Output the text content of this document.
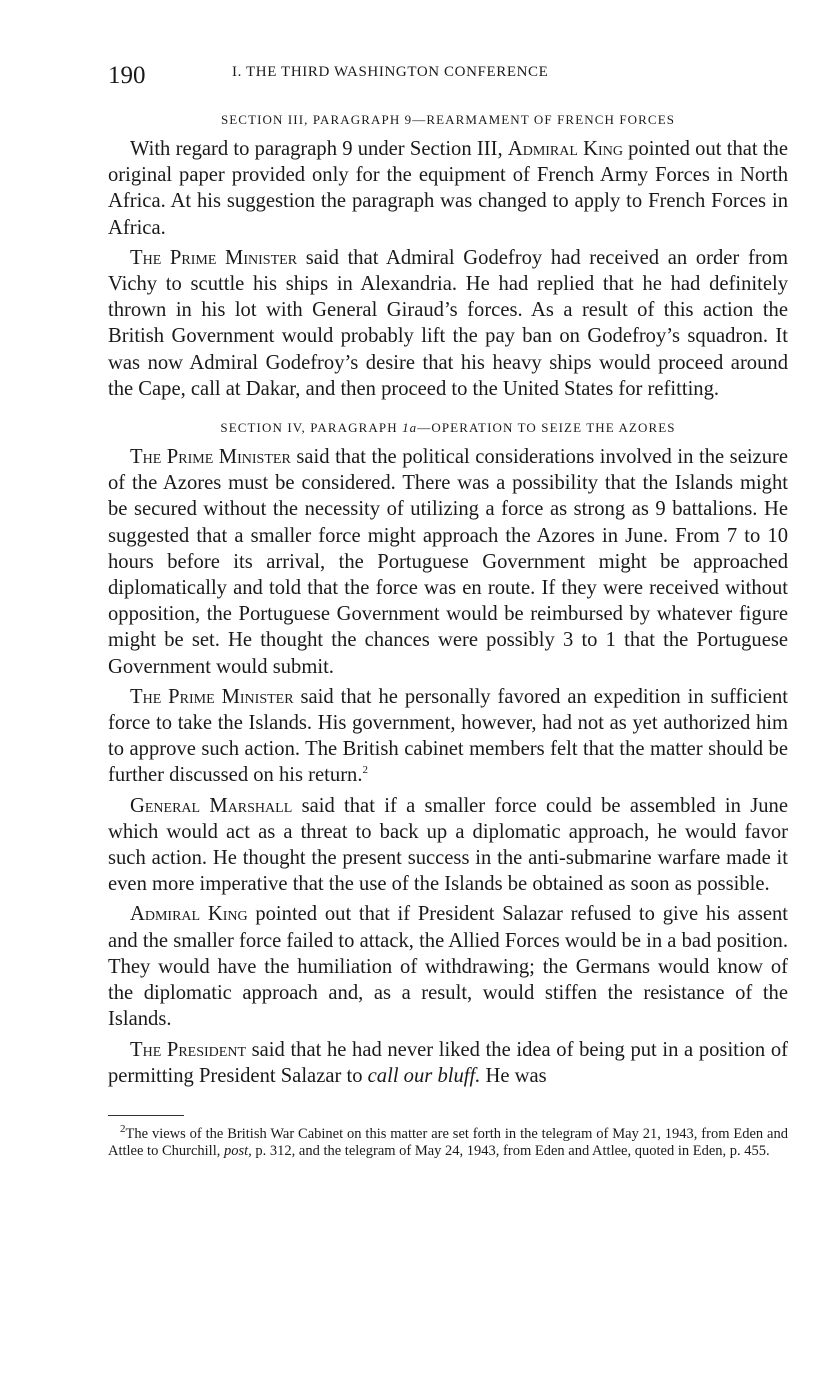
190	I. THE THIRD WASHINGTON CONFERENCE
SECTION III, PARAGRAPH 9—REARMAMENT OF FRENCH FORCES

With regard to paragraph 9 under Section III, Admiral King pointed out that the original paper provided only for the equipment of French Army Forces in North Africa. At his suggestion the paragraph was changed to apply to French Forces in Africa.

The Prime Minister said that Admiral Godefroy had received an order from Vichy to scuttle his ships in Alexandria. He had replied that he had definitely thrown in his lot with General Giraud’s forces. As a result of this action the British Government would probably lift the pay ban on Godefroy’s squadron. It was now Admiral Godefroy’s desire that his heavy ships would proceed around the Cape, call at Dakar, and then proceed to the United States for refitting.

SECTION IV, PARAGRAPH 1a—OPERATION TO SEIZE THE AZORES

The Prime Minister said that the political considerations involved in the seizure of the Azores must be considered. There was a possibility that the Islands might be secured without the necessity of utilizing a force as strong as 9 battalions. He suggested that a smaller force might approach the Azores in June. From 7 to 10 hours before its arrival, the Portuguese Government might be approached diplomatically and told that the force was en route. If they were received without opposition, the Portuguese Government would be reimbursed by whatever figure might be set. He thought the chances were possibly 3 to 1 that the Portuguese Government would submit.

The Prime Minister said that he personally favored an expedition in sufficient force to take the Islands. His government, however, had not as yet authorized him to approve such action. The British cabinet members felt that the matter should be further discussed on his return.$^2$

General Marshall said that if a smaller force could be assembled in June which would act as a threat to back up a diplomatic approach, he would favor such action. He thought the present success in the anti-submarine warfare made it even more imperative that the use of the Islands be obtained as soon as possible.

Admiral King pointed out that if President Salazar refused to give his assent and the smaller force failed to attack, the Allied Forces would be in a bad position. They would have the humiliation of withdrawing; the Germans would know of the diplomatic approach and, as a result, would stiffen the resistance of the Islands.

The President said that he had never liked the idea of being put in a position of permitting President Salazar to call our bluff. He was

$^2$The views of the British War Cabinet on this matter are set forth in the telegram of May 21, 1943, from Eden and Attlee to Churchill, post, p. 312, and the telegram of May 24, 1943, from Eden and Attlee, quoted in Eden, p. 455.
